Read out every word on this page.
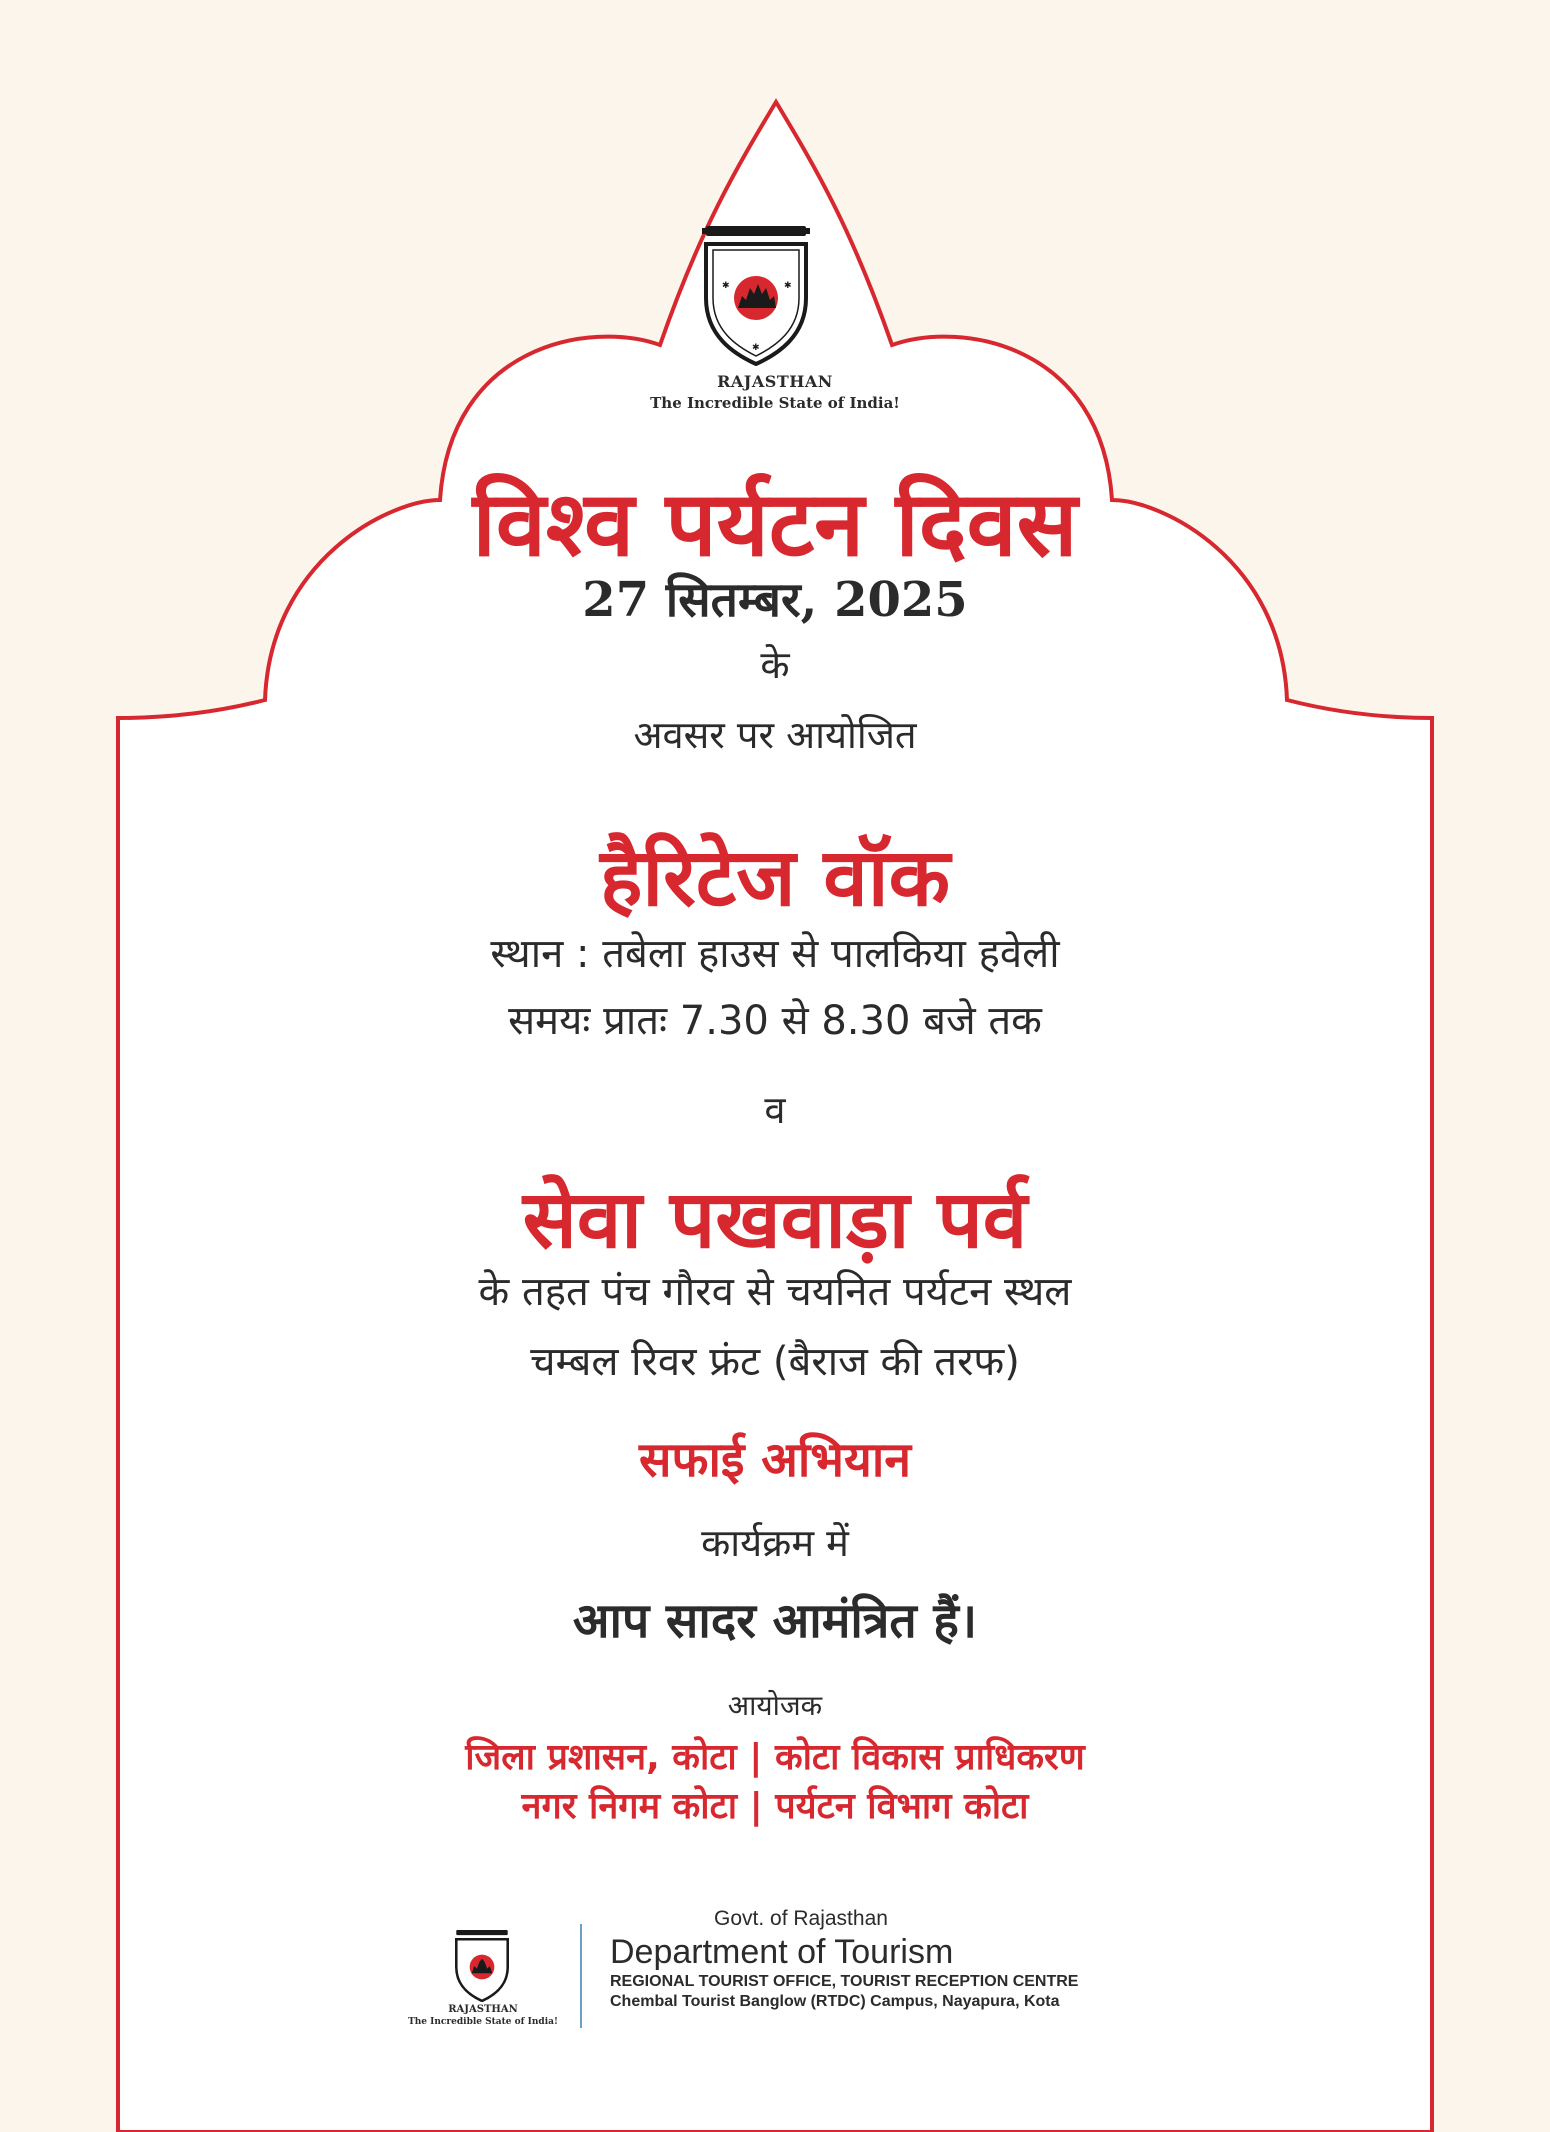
✱	✱
✱
RAJASTHAN
The Incredible State of India!
विश्व पर्यटन दिवस
27 सितम्बर, 2025
के
अवसर पर आयोजित
हैरिटेज वॉक
स्थान : तबेला हाउस से पालकिया हवेली
समयः प्रातः 7.30 से 8.30 बजे तक
व
सेवा पखवाड़ा पर्व
के तहत पंच गौरव से चयनित पर्यटन स्थल
चम्बल रिवर फ्रंट (बैराज की तरफ)
सफाई अभियान
कार्यक्रम में
आप सादर आमंत्रित हैं।
आयोजक
जिला प्रशासन, कोटा | कोटा विकास प्राधिकरण
नगर निगम कोटा | पर्यटन विभाग कोटा
RAJASTHAN
The Incredible State of India!
Govt. of Rajasthan
Department of Tourism
REGIONAL TOURIST OFFICE, TOURIST RECEPTION CENTRE
Chembal Tourist Banglow (RTDC) Campus, Nayapura, Kota
